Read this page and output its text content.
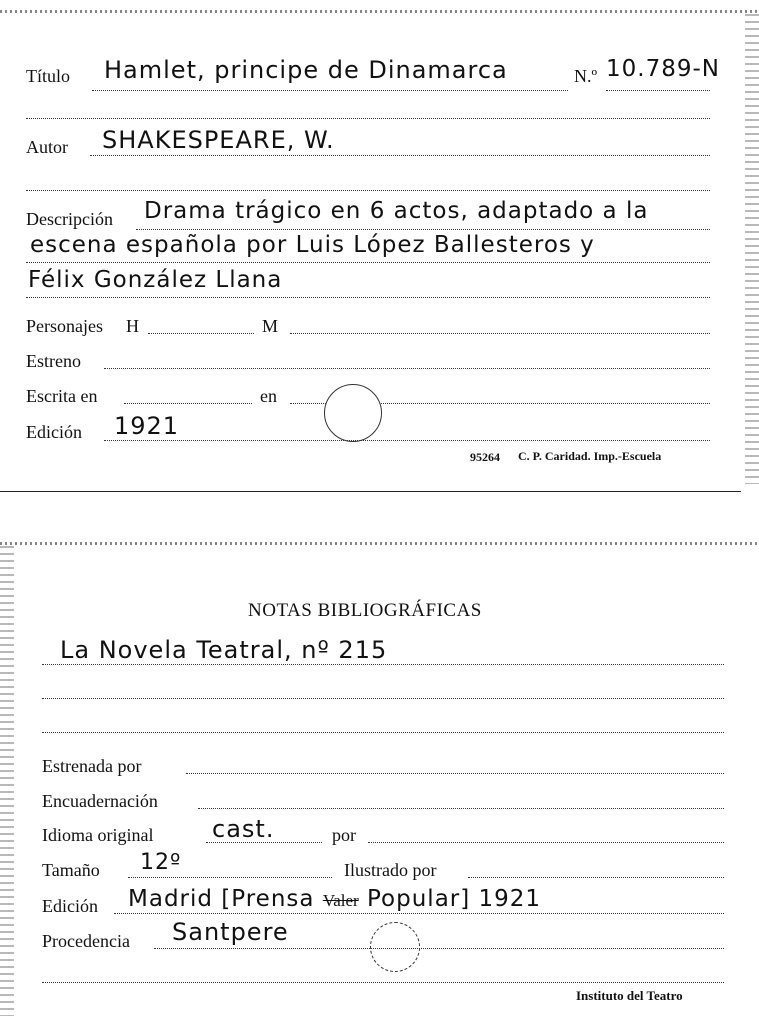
Título Hamlet, principe de Dinamarca	N.º 10.789-N
Autor SHAKESPEARE, W.
Descripción Drama trágico en 6 actos, adaptado a la
escena española por Luis López Ballesteros y
Félix González Llana
Personajes H	M
Estreno
Escrita en	en
Edición 1921
95264 C. P. Caridad. Imp.-Escuela
NOTAS BIBLIOGRÁFICAS
La Novela Teatral, nº 215
Estrenada por
Encuadernación
Idioma original cast.	por
Tamaño 12º	Ilustrado por
Edición Madrid [Prensa Valer Popular] 1921
Procedencia Santpere
Instituto del Teatro
